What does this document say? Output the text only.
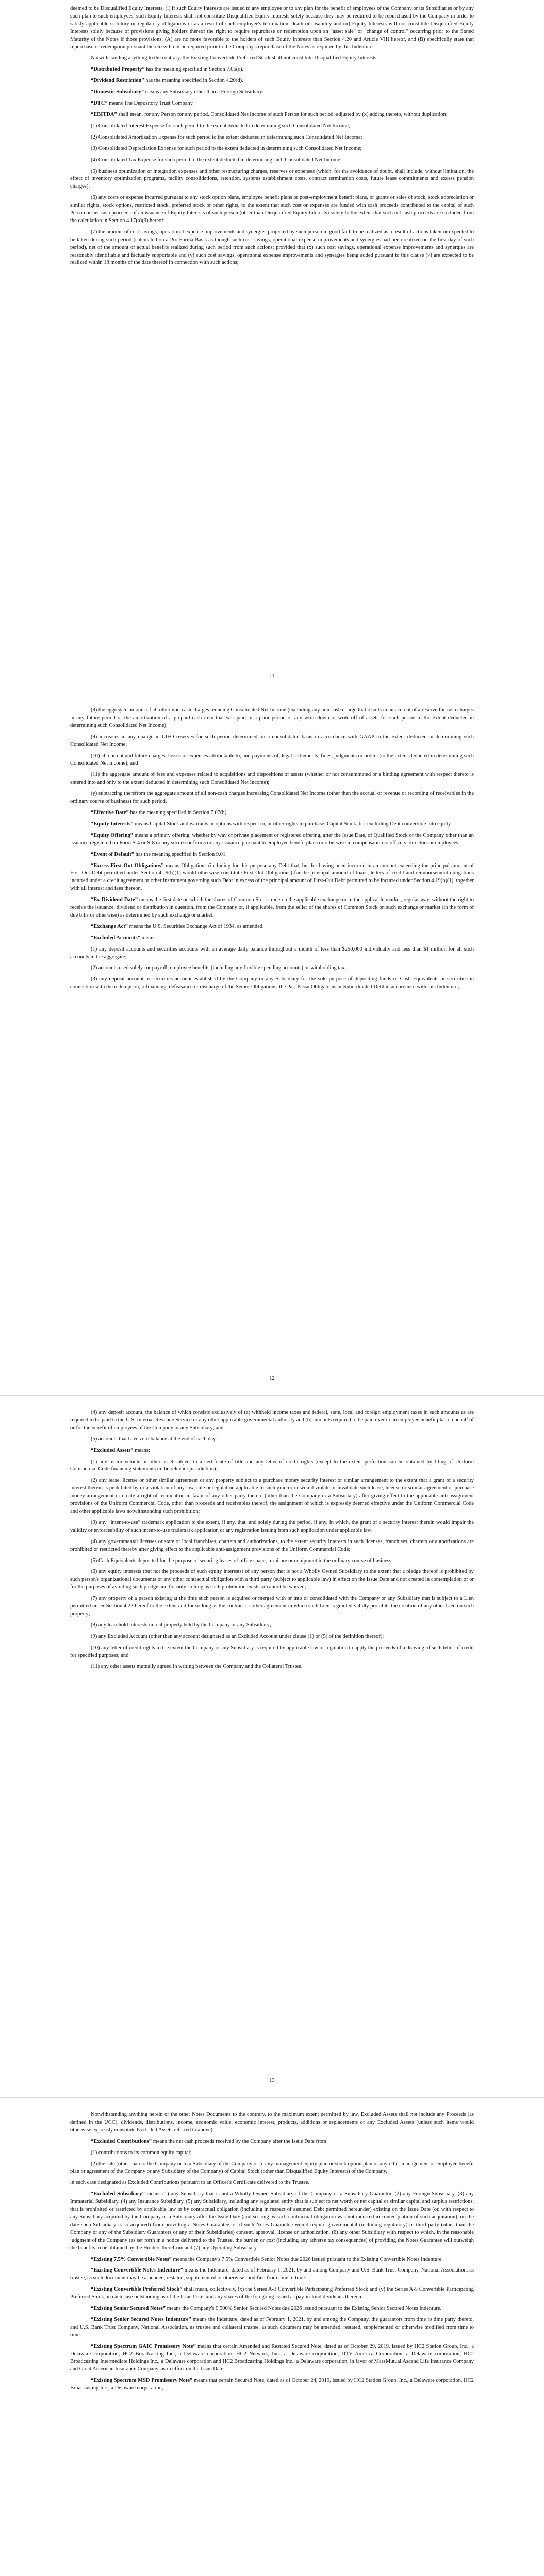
deemed to be Disqualified Equity Interests, (i) if such Equity Interests are issued to any employee or to any plan for the benefit of employees of the Company or its Subsidiaries or by any such plan to such employees, such Equity Interests shall not constitute Disqualified Equity Interests solely because they may be required to be repurchased by the Company in order to satisfy applicable statutory or regulatory obligations or as a result of such employee's termination, death or disability and (ii) Equity Interests will not constitute Disqualified Equity Interests solely because of provisions giving holders thereof the right to require repurchase or redemption upon an "asset sale" or "change of control" occurring prior to the Stated Maturity of the Notes if those provisions: (A) are no more favorable to the holders of such Equity Interests than Section 4.20 and Article VIII hereof, and (B) specifically state that repurchase or redemption pursuant thereto will not be required prior to the Company's repurchase of the Notes as required by this Indenture.

Notwithstanding anything to the contrary, the Existing Convertible Preferred Stock shall not constitute Disqualified Equity Interests.

“Distributed Property” has the meaning specified in Section 7.06(c).

“Dividend Restriction” has the meaning specified in Section 4.20(d).

“Domestic Subsidiary” means any Subsidiary other than a Foreign Subsidiary.

“DTC” means The Depository Trust Company.

“EBITDA” shall mean, for any Person for any period, Consolidated Net Income of such Person for such period, adjusted by (x) adding thereto, without duplication:

(1) Consolidated Interest Expense for such period to the extent deducted in determining such Consolidated Net Income;

(2) Consolidated Amortization Expense for such period to the extent deducted in determining such Consolidated Net Income;

(3) Consolidated Depreciation Expense for such period to the extent deducted in determining such Consolidated Net Income;

(4) Consolidated Tax Expense for such period to the extent deducted in determining such Consolidated Net Income;

(5) business optimization or integration expenses and other restructuring charges, reserves or expenses (which, for the avoidance of doubt, shall include, without limitation, the effect of inventory optimization programs, facility consolidations, retention, systems establishment costs, contract termination costs, future lease commitments and excess pension charges);

(6) any costs or expense incurred pursuant to any stock option plans, employee benefit plans or post-employment benefit plans, or grants or sales of stock, stock appreciation or similar rights, stock options, restricted stock, preferred stock or other rights, to the extent that such cost or expenses are funded with cash proceeds contributed to the capital of such Person or net cash proceeds of an issuance of Equity Interests of such person (other than Disqualified Equity Interests) solely to the extent that such net cash proceeds are excluded from the calculation in Section 4.17(a)(3) hereof;

(7) the amount of cost savings, operational expense improvements and synergies projected by such person in good faith to be realized as a result of actions taken or expected to be taken during such period (calculated on a Pro Forma Basis as though such cost savings, operational expense improvements and synergies had been realized on the first day of such period), net of the amount of actual benefits realized during such period from such actions; provided that (x) such cost savings, operational expense improvements and synergies are reasonably identifiable and factually supportable and (y) such cost savings, operational expense improvements and synergies being added pursuant to this clause (7) are expected to be realized within 18 months of the date thereof in connection with such actions;

11

(8) the aggregate amount of all other non-cash charges reducing Consolidated Net Income (excluding any non-cash charge that results in an accrual of a reserve for cash charges in any future period or the amortization of a prepaid cash item that was paid in a prior period or any write-down or write-off of assets for such period to the extent deducted in determining such Consolidated Net Income);

(9) increases in any change in LIFO reserves for such period determined on a consolidated basis in accordance with GAAP to the extent deducted in determining such Consolidated Net Income;

(10) all current and future charges, losses or expenses attributable to, and payments of, legal settlements, fines, judgments or orders (to the extent deducted in determining such Consolidated Net Income); and

(11) the aggregate amount of fees and expenses related to acquisitions and dispositions of assets (whether or not consummated or a binding agreement with respect thereto is entered into and only to the extent deducted in determining such Consolidated Net Income);

(y) subtracting therefrom the aggregate amount of all non-cash charges increasing Consolidated Net Income (other than the accrual of revenue or recording of receivables in the ordinary course of business) for such period.

“Effective Date” has the meaning specified in Section 7.07(h).

“Equity Interests” means Capital Stock and warrants or options with respect to, or other rights to purchase, Capital Stock, but excluding Debt convertible into equity.

“Equity Offering” means a primary offering, whether by way of private placement or registered offering, after the Issue Date, of Qualified Stock of the Company other than an issuance registered on Form S-4 or S-8 or any successor forms or any issuance pursuant to employee benefit plans or otherwise in compensation to officers, directors or employees.

“Event of Default” has the meaning specified in Section 9.01.

“Excess First-Out Obligations” means Obligations (including for this purpose any Debt that, but for having been incurred in an amount exceeding the principal amount of First-Out Debt permitted under Section 4.19(b)(1) would otherwise constitute First-Out Obligations) for the principal amount of loans, letters of credit and reimbursement obligations incurred under a credit agreement or other instrument governing such Debt in excess of the principal amount of First-Out Debt permitted to be incurred under Section 4.19(b)(1), together with all interest and fees thereon.

“Ex-Dividend Date” means the first date on which the shares of Common Stock trade on the applicable exchange or in the applicable market, regular way, without the right to receive the issuance, dividend or distribution in question, from the Company or, if applicable, from the seller of the shares of Common Stock on such exchange or market (in the form of due bills or otherwise) as determined by such exchange or market.

“Exchange Act” means the U.S. Securities Exchange Act of 1934, as amended.

“Excluded Accounts” means:

(1) any deposit accounts and securities accounts with an average daily balance throughout a month of less than $250,000 individually and less than $1 million for all such accounts in the aggregate;

(2) accounts used solely for payroll, employee benefits (including any flexible spending accounts) or withholding tax;

(3) any deposit account or securities account established by the Company or any Subsidiary for the sole purpose of depositing funds or Cash Equivalents or securities in connection with the redemption, refinancing, defeasance or discharge of the Senior Obligations, the Pari Passu Obligations or Subordinated Debt in accordance with this Indenture;

12

(4) any deposit account, the balance of which consists exclusively of (a) withheld income taxes and federal, state, local and foreign employment taxes in such amounts as are required to be paid to the U.S. Internal Revenue Service or any other applicable governmental authority and (b) amounts required to be paid over to an employee benefit plan on behalf of or for the benefit of employees of the Company or any Subsidiary; and

(5) accounts that have zero balance at the end of each day.

“Excluded Assets” means:

(1) any motor vehicle or other asset subject to a certificate of title and any letter of credit rights (except to the extent perfection can be obtained by filing of Uniform Commercial Code financing statements in the relevant jurisdiction);

(2) any lease, license or other similar agreement or any property subject to a purchase money security interest or similar arrangement to the extent that a grant of a security interest therein is prohibited by or a violation of any law, rule or regulation applicable to such grantor or would violate or invalidate such lease, license or similar agreement or purchase money arrangement or create a right of termination in favor of any other party thereto (other than the Company or a Subsidiary) after giving effect to the applicable anti-assignment provisions of the Uniform Commercial Code, other than proceeds and receivables thereof, the assignment of which is expressly deemed effective under the Uniform Commercial Code and other applicable laws notwithstanding such prohibition;

(3) any “intent-to-use” trademark application to the extent, if any, that, and solely during the period, if any, in which, the grant of a security interest therein would impair the validity or enforceability of such intent-to-use trademark application or any registration issuing from such application under applicable law;

(4) any governmental licenses or state or local franchises, charters and authorizations, to the extent security interests in such licenses, franchises, charters or authorizations are prohibited or restricted thereby after giving effect to the applicable anti-assignment provisions of the Uniform Commercial Code;

(5) Cash Equivalents deposited for the purpose of securing leases of office space, furniture or equipment in the ordinary course of business;

(6) any equity interests (but not the proceeds of such equity interests) of any person that is not a Wholly Owned Subsidiary to the extent that a pledge thereof is prohibited by such person's organizational documents or any other contractual obligation with a third party (subject to applicable law) in effect on the Issue Date and not created in contemplation of or for the purposes of avoiding such pledge and for only so long as such prohibition exists or cannot be waived;

(7) any property of a person existing at the time such person is acquired or merged with or into or consolidated with the Company or any Subsidiary that is subject to a Lien permitted under Section 4.22 hereof to the extent and for so long as the contract or other agreement in which such Lien is granted validly prohibits the creation of any other Lien on such property;

(8) any leasehold interests in real property held by the Company or any Subsidiary;

(9) any Excluded Account (other than any account designated as an Excluded Account under clause (1) or (5) of the definition thereof);

(10) any letter of credit rights to the extent the Company or any Subsidiary is required by applicable law or regulation to apply the proceeds of a drawing of such letter of credit for specified purposes; and

(11) any other assets mutually agreed in writing between the Company and the Collateral Trustee.

13

Notwithstanding anything herein or the other Notes Documents to the contrary, to the maximum extent permitted by law, Excluded Assets shall not include any Proceeds (as defined in the UCC), dividends, distributions, income, economic value, economic interest, products, additions or replacements of any Excluded Assets (unless such items would otherwise expressly constitute Excluded Assets referred to above).

“Excluded Contributions” means the net cash proceeds received by the Company after the Issue Date from:

(1) contributions to its common equity capital;

(2) the sale (other than to the Company or to a Subsidiary of the Company or to any management equity plan or stock option plan or any other management or employee benefit plan or agreement of the Company or any Subsidiary of the Company) of Capital Stock (other than Disqualified Equity Interests) of the Company,

in each case designated as Excluded Contributions pursuant to an Officer's Certificate delivered to the Trustee.

“Excluded Subsidiary” means (1) any Subsidiary that is not a Wholly Owned Subsidiary of the Company or a Subsidiary Guarantor, (2) any Foreign Subsidiary, (3) any Immaterial Subsidiary, (4) any Insurance Subsidiary, (5) any Subsidiary, including any regulated entity that is subject to net worth or net capital or similar capital and surplus restrictions, that is prohibited or restricted by applicable law or by contractual obligation (including in respect of assumed Debt permitted hereunder) existing on the Issue Date (or, with respect to any Subsidiary acquired by the Company or a Subsidiary after the Issue Date (and so long as such contractual obligation was not incurred in contemplation of such acquisition), on the date such Subsidiary is so acquired) from providing a Notes Guarantee, or if such Notes Guarantee would require governmental (including regulatory) or third party (other than the Company or any of the Subsidiary Guarantors or any of their Subsidiaries) consent, approval, license or authorization, (6) any other Subsidiary with respect to which, in the reasonable judgment of the Company (as set forth in a notice delivered to the Trustee, the burden or cost (including any adverse tax consequences) of providing the Notes Guarantee will outweigh the benefits to be obtained by the Holders therefrom and (7) any Operating Subsidiary.

“Existing 7.5% Convertible Notes” means the Company's 7.5% Convertible Senior Notes due 2026 issued pursuant to the Existing Convertible Notes Indenture.

“Existing Convertible Notes Indenture” means the Indenture, dated as of February 1, 2021, by and among Company and U.S. Bank Trust Company, National Association, as trustee, as such document may be amended, restated, supplemented or otherwise modified from time to time.

“Existing Convertible Preferred Stock” shall mean, collectively, (x) the Series A-3 Convertible Participating Preferred Stock and (y) the Series A-5 Convertible Participating Preferred Stock, in each case outstanding as of the Issue Date, and any shares of the foregoing issued as pay-in-kind dividends thereon.

“Existing Senior Secured Notes” means the Company's 9.500% Senior Secured Notes due 2026 issued pursuant to the Existing Senior Secured Notes Indenture.

“Existing Senior Secured Notes Indenture” means the Indenture, dated as of February 1, 2021, by and among the Company, the guarantors from time to time party thereto, and U.S. Bank Trust Company, National Association, as trustee and collateral trustee, as such document may be amended, restated, supplemented or otherwise modified from time to time.

“Existing Spectrum GAIC Promissory Note” means that certain Amended and Restated Secured Note, dated as of October 29, 2019, issued by HC2 Station Group, Inc., a Delaware corporation, HC2 Broadcasting Inc., a Delaware corporation, HC2 Network, Inc., a Delaware corporation, DTV America Corporation, a Delaware corporation, HC2 Broadcasting Intermediate Holdings Inc., a Delaware corporation and HC2 Broadcasting Holdings Inc., a Delaware corporation, in favor of MassMutual Ascend Life Insurance Company and Great American Insurance Company, as in effect on the Issue Date.

“Existing Spectrum MSD Promissory Note” means that certain Secured Note, dated as of October 24, 2019, issued by HC2 Station Group, Inc., a Delaware corporation, HC2 Broadcasting Inc., a Delaware corporation,
